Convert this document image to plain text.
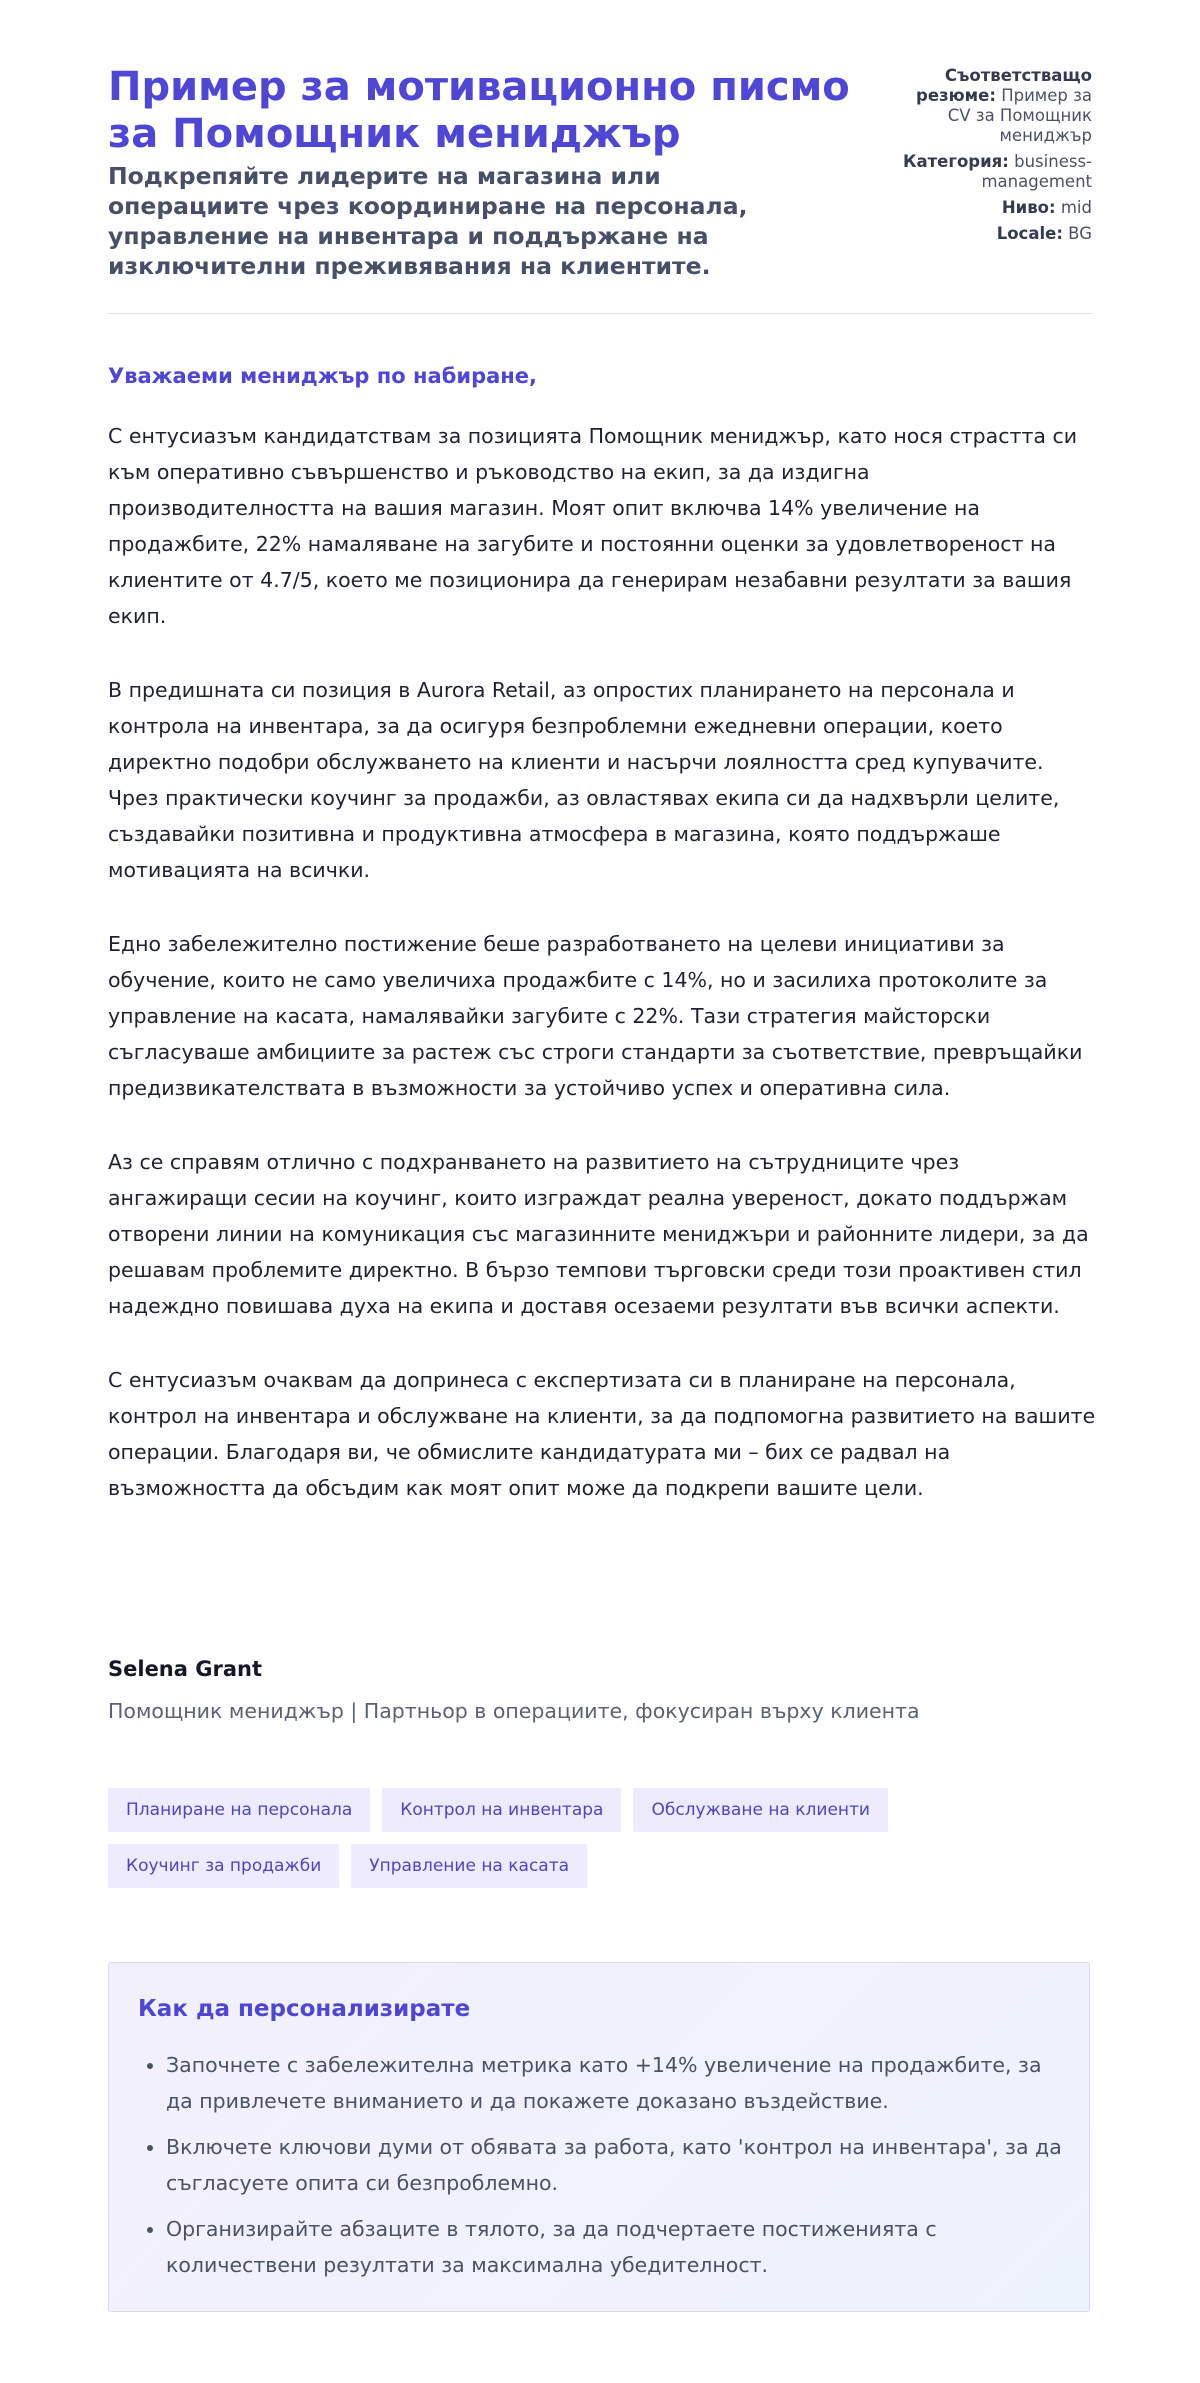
Пример за мотивационно писмо за Помощник мениджър
Подкрепяйте лидерите на магазина или операциите чрез координиране на персонала, управление на инвентара и поддържане на изключителни преживявания на клиентите.
Съответстващо резюме: Пример за CV за Помощник мениджър
Категория: business-management
Ниво: mid
Locale: BG

Уважаеми мениджър по набиране,

С ентусиазъм кандидатствам за позицията Помощник мениджър, като нося страстта си към оперативно съвършенство и ръководство на екип, за да издигна производителността на вашия магазин. Моят опит включва 14% увеличение на продажбите, 22% намаляване на загубите и постоянни оценки за удовлетвореност на клиентите от 4.7/5, което ме позиционира да генерирам незабавни резултати за вашия екип.

В предишната си позиция в Aurora Retail, аз опростих планирането на персонала и контрола на инвентара, за да осигуря безпроблемни ежедневни операции, което директно подобри обслужването на клиенти и насърчи лоялността сред купувачите. Чрез практически коучинг за продажби, аз овластявах екипа си да надхвърли целите, създавайки позитивна и продуктивна атмосфера в магазина, която поддържаше мотивацията на всички.

Едно забележително постижение беше разработването на целеви инициативи за обучение, които не само увеличиха продажбите с 14%, но и засилиха протоколите за управление на касата, намалявайки загубите с 22%. Тази стратегия майсторски съгласуваше амбициите за растеж със строги стандарти за съответствие, превръщайки предизвикателствата в възможности за устойчиво успех и оперативна сила.

Аз се справям отлично с подхранването на развитието на сътрудниците чрез ангажиращи сесии на коучинг, които изграждат реална увереност, докато поддържам отворени линии на комуникация със магазинните мениджъри и районните лидери, за да решавам проблемите директно. В бързо темпови търговски среди този проактивен стил надеждно повишава духа на екипа и доставя осезаеми резултати във всички аспекти.

С ентусиазъм очаквам да допринеса с експертизата си в планиране на персонала, контрол на инвентара и обслужване на клиенти, за да подпомогна развитието на вашите операции. Благодаря ви, че обмислите кандидатурата ми – бих се радвал на възможността да обсъдим как моят опит може да подкрепи вашите цели.

Selena Grant

Помощник мениджър | Партньор в операциите, фокусиран върху клиента

Планиране на персонала	Контрол на инвентара	Обслужване на клиенти
Коучинг за продажби	Управление на касата
Как да персонализирате
• Започнете с забележителна метрика като +14% увеличение на продажбите, за да привлечете вниманието и да покажете доказано въздействие.
• Включете ключови думи от обявата за работа, като 'контрол на инвентара', за да съгласуете опита си безпроблемно.
• Организирайте абзаците в тялото, за да подчертаете постиженията с количествени резултати за максимална убедителност.
